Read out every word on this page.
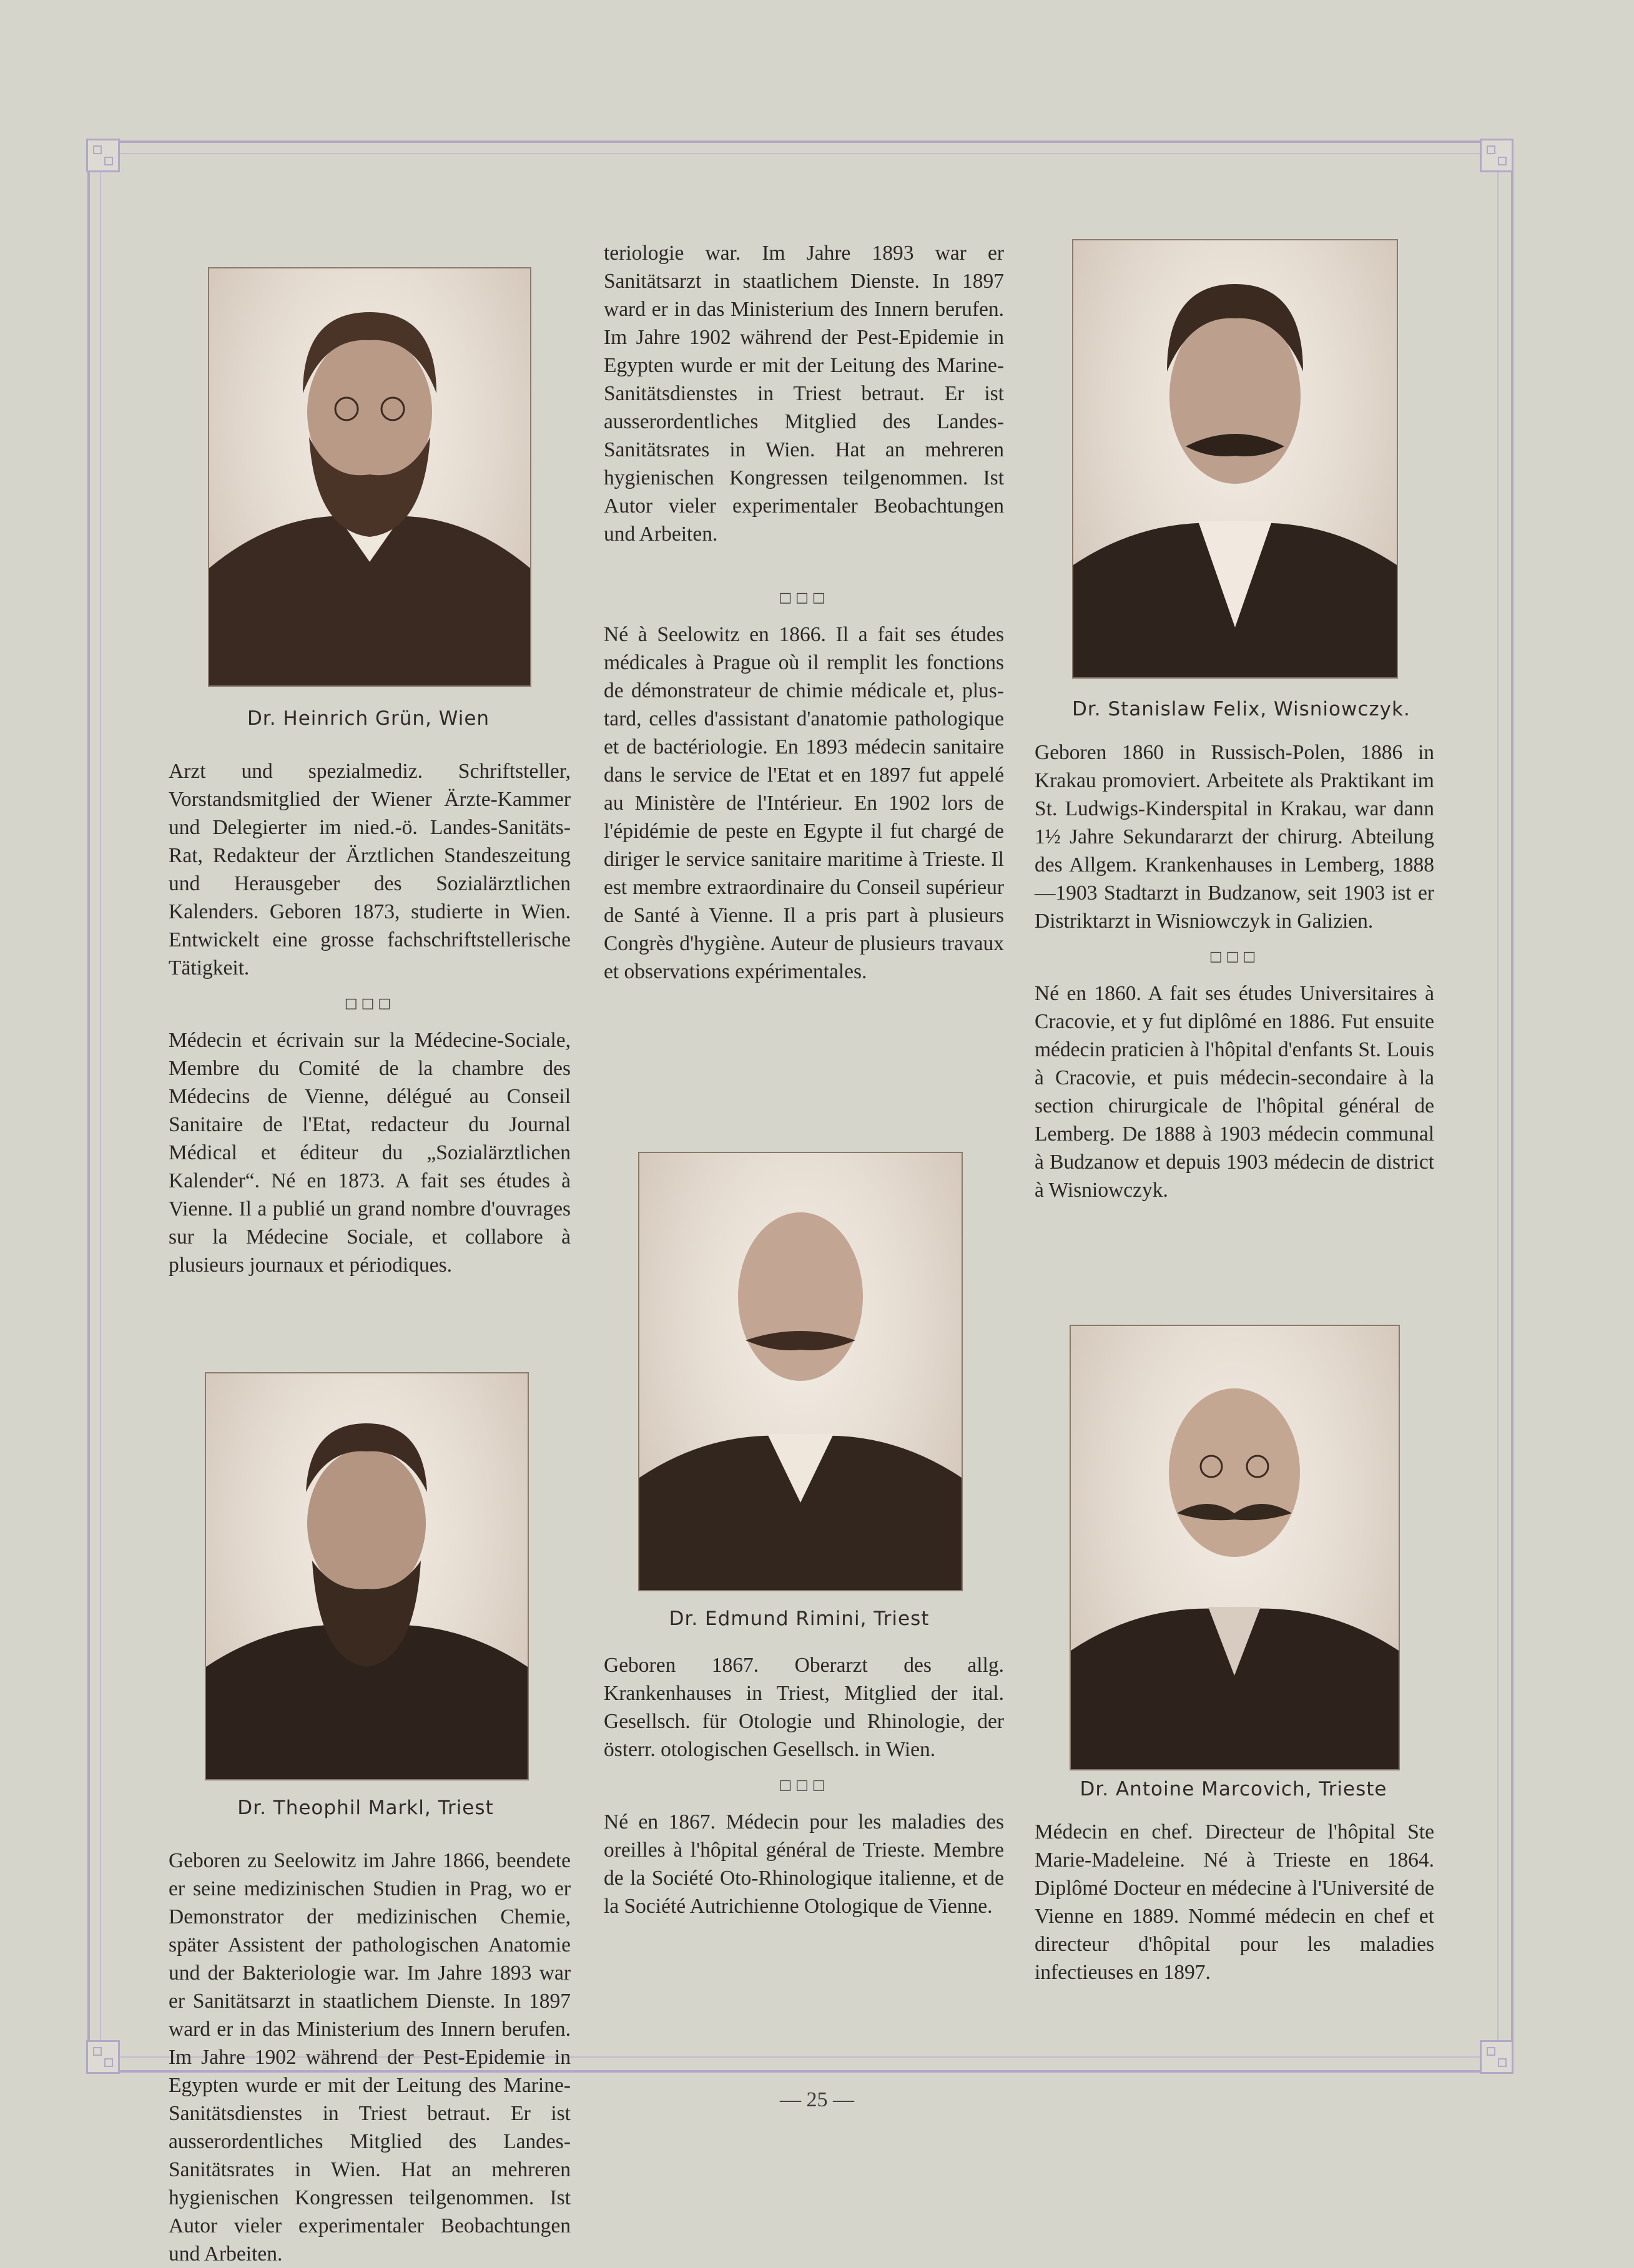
Dr. Heinrich Grün, Wien

Arzt und spezialmediz. Schriftsteller, Vorstandsmitglied der Wiener Ärzte-Kammer und Delegierter im nied.-ö. Landes-Sanitäts-Rat, Redakteur der Ärztlichen Standeszeitung und Herausgeber des Sozialärztlichen Kalenders. Geboren 1873, studierte in Wien. Entwickelt eine grosse fachschriftstellerische Tätigkeit.

□□□

Médecin et écrivain sur la Médecine-Sociale, Membre du Comité de la chambre des Médecins de Vienne, délégué au Conseil Sanitaire de l'Etat, redacteur du Journal Médical et éditeur du „Sozialärztlichen Kalender“. Né en 1873. A fait ses études à Vienne. Il a publié un grand nombre d'ouvrages sur la Médecine Sociale, et collabore à plusieurs journaux et périodiques.

Dr. Theophil Markl, Triest

Geboren zu Seelowitz im Jahre 1866, beendete er seine medizinischen Studien in Prag, wo er Demonstrator der medizinischen Chemie, später Assistent der pathologischen Anatomie und der Bakteriologie war. Im Jahre 1893 war er Sanitätsarzt in staatlichem Dienste. In 1897 ward er in das Ministerium des Innern berufen. Im Jahre 1902 während der Pest-Epidemie in Egypten wurde er mit der Leitung des Marine-Sanitätsdienstes in Triest betraut. Er ist ausserordentliches Mitglied des Landes-Sanitätsrates in Wien. Hat an mehreren hygienischen Kongressen teilgenommen. Ist Autor vieler experimentaler Beobachtungen und Arbeiten.

teriologie war. Im Jahre 1893 war er Sanitätsarzt in staatlichem Dienste. In 1897 ward er in das Ministerium des Innern berufen. Im Jahre 1902 während der Pest-Epidemie in Egypten wurde er mit der Leitung des Marine-Sanitätsdienstes in Triest betraut. Er ist ausserordentliches Mitglied des Landes-Sanitätsrates in Wien. Hat an mehreren hygienischen Kongressen teilgenommen. Ist Autor vieler experimentaler Beobachtungen und Arbeiten.

□□□

Né à Seelowitz en 1866. Il a fait ses études médicales à Prague où il remplit les fonctions de démonstrateur de chimie médicale et, plus-tard, celles d'assistant d'anatomie pathologique et de bactériologie. En 1893 médecin sanitaire dans le service de l'Etat et en 1897 fut appelé au Ministère de l'Intérieur. En 1902 lors de l'épidémie de peste en Egypte il fut chargé de diriger le service sanitaire maritime à Trieste. Il est membre extraordinaire du Conseil supérieur de Santé à Vienne. Il a pris part à plusieurs Congrès d'hygiène. Auteur de plusieurs travaux et observations expérimentales.

Dr. Edmund Rimini, Triest

Geboren 1867. Oberarzt des allg. Krankenhauses in Triest, Mitglied der ital. Gesellsch. für Otologie und Rhinologie, der österr. otologischen Gesellsch. in Wien.

□□□

Né en 1867. Médecin pour les maladies des oreilles à l'hôpital général de Trieste. Membre de la Société Oto-Rhinologique italienne, et de la Société Autrichienne Otologique de Vienne.

Dr. Stanislaw Felix, Wisniowczyk.

Geboren 1860 in Russisch-Polen, 1886 in Krakau promoviert. Arbeitete als Praktikant im St. Ludwigs-Kinderspital in Krakau, war dann 1½ Jahre Sekundararzt der chirurg. Abteilung des Allgem. Krankenhauses in Lemberg, 1888—1903 Stadtarzt in Budzanow, seit 1903 ist er Distriktarzt in Wisniowczyk in Galizien.

□□□

Né en 1860. A fait ses études Universitaires à Cracovie, et y fut diplômé en 1886. Fut ensuite médecin praticien à l'hôpital d'enfants St. Louis à Cracovie, et puis médecin-secondaire à la section chirurgicale de l'hôpital général de Lemberg. De 1888 à 1903 médecin communal à Budzanow et depuis 1903 médecin de district à Wisniowczyk.

Dr. Antoine Marcovich, Trieste

Médecin en chef. Directeur de l'hôpital Ste Marie-Madeleine. Né à Trieste en 1864. Diplômé Docteur en médecine à l'Université de Vienne en 1889. Nommé médecin en chef et directeur d'hôpital pour les maladies infectieuses en 1897.

— 25 —
